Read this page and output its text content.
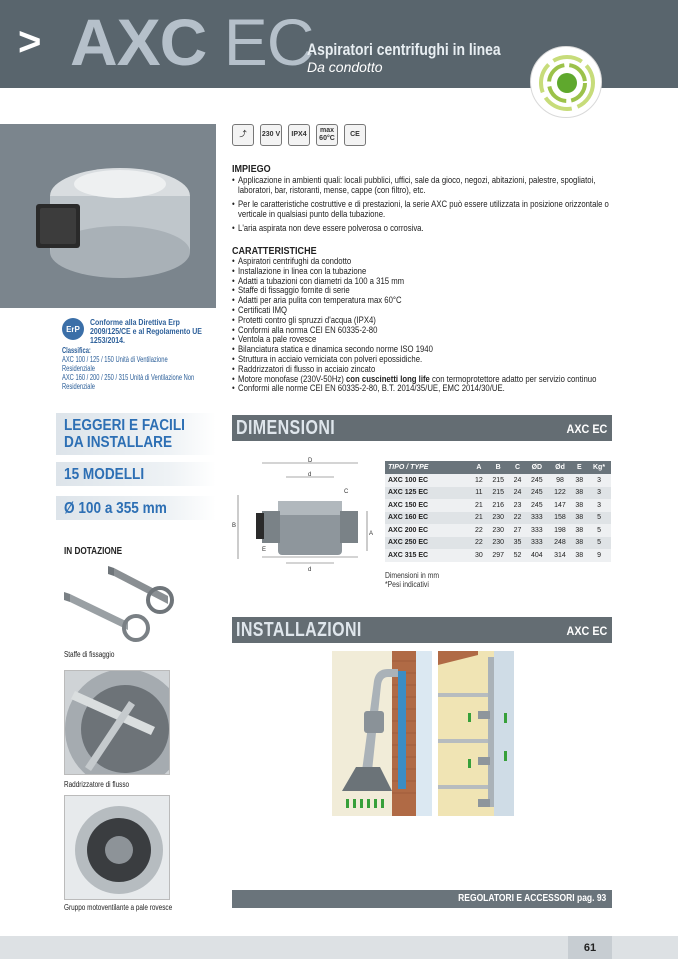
> AXC EC
Aspiratori centrifughi in linea
Da condotto
⤴	230 V	IPX4
max 60°C
CE
IMPIEGO
• Applicazione in ambienti quali: locali pubblici, uffici, sale da gioco, negozi, abitazioni, palestre, spogliatoi, laboratori, bar, ristoranti, mense, cappe (con filtro), etc.
• Per le caratteristiche costruttive e di prestazioni, la serie AXC può essere utilizzata in posizione orizzontale o verticale in qualsiasi punto della tubazione.
• L'aria aspirata non deve essere polverosa o corrosiva.
CARATTERISTICHE
• Aspiratori centrifughi da condotto
• Installazione in linea con la tubazione
• Adatti a tubazioni con diametri da 100 a 315 mm
• Staffe di fissaggio fornite di serie
• Adatti per aria pulita con temperatura max 60°C
• Certificati IMQ
• Protetti contro gli spruzzi d'acqua (IPX4)
• Conformi alla norma CEI EN 60335-2-80
• Ventola a pale rovesce
• Bilanciatura statica e dinamica secondo norme ISO 1940
• Struttura in acciaio verniciata con polveri epossidiche.
• Raddrizzatori di flusso in acciaio zincato
• Motore monofase (230V-50Hz) con cuscinetti long life con termoprotettore adatto per servizio continuo
• Conformi alle norme CEI EN 60335-2-80, B.T. 2014/35/UE, EMC 2014/30/UE.
ErP
Conforme alla Direttiva Erp 2009/125/CE e al Regolamento UE 1253/2014.
Classifica:
AXC 100 / 125 / 150 Unità di Ventilazione Residenziale
AXC 160 / 200 / 250 / 315 Unità di Ventilazione Non Residenziale
LEGGERI E FACILI
DA INSTALLARE
15 MODELLI
Ø 100 a 355 mm
IN DOTAZIONE
Staffe di fissaggio
Raddrizzatore di flusso
Gruppo motoventilante a pale rovesce
DIMENSIONI	AXC EC
D
d
C
B
E
A
d
TIPO / TYPE	A	B	C	ØD	Ød	E	Kg*
AXC 100 EC	12	215	24	245	98	38	3
AXC 125 EC	11	215	24	245	122	38	3
AXC 150 EC	21	216	23	245	147	38	3
AXC 160 EC	21	230	22	333	158	38	5
AXC 200 EC	22	230	27	333	198	38	5
AXC 250 EC	22	230	35	333	248	38	5
AXC 315 EC	30	297	52	404	314	38	9
Dimensioni in mm
*Pesi indicativi
INSTALLAZIONI	AXC EC
REGOLATORI E ACCESSORI pag. 93
61
